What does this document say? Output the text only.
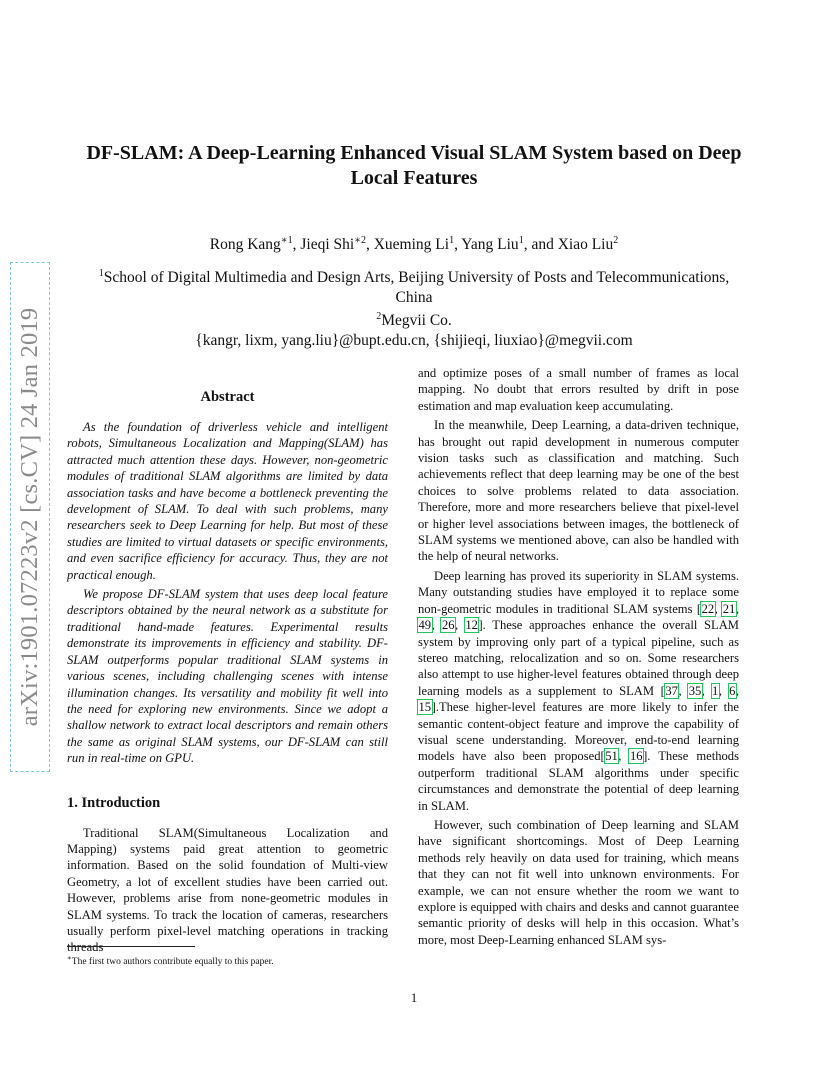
arXiv:1901.07223v2 [cs.CV] 24 Jan 2019
DF-SLAM: A Deep-Learning Enhanced Visual SLAM System based on Deep
Local Features
Rong Kang$^{∗1}$, Jieqi Shi$^{∗2}$, Xueming Li$^1$, Yang Liu$^1$, and Xiao Liu$^2$
$^1$School of Digital Multimedia and Design Arts, Beijing University of Posts and Telecommunications,
China
$^2$Megvii Co.
{kangr, lixm, yang.liu}@bupt.edu.cn, {shijieqi, liuxiao}@megvii.com
Abstract

As the foundation of driverless vehicle and intelligent robots, Simultaneous Localization and Mapping(SLAM) has attracted much attention these days. However, non-geometric modules of traditional SLAM algorithms are limited by data association tasks and have become a bottleneck preventing the development of SLAM. To deal with such problems, many researchers seek to Deep Learning for help. But most of these studies are limited to virtual datasets or specific environments, and even sacrifice efficiency for accuracy. Thus, they are not practical enough.

We propose DF-SLAM system that uses deep local feature descriptors obtained by the neural network as a substitute for traditional hand-made features. Experimental results demonstrate its improvements in efficiency and stability. DF-SLAM outperforms popular traditional SLAM systems in various scenes, including challenging scenes with intense illumination changes. Its versatility and mobility fit well into the need for exploring new environments. Since we adopt a shallow network to extract local descriptors and remain others the same as original SLAM systems, our DF-SLAM can still run in real-time on GPU.

1. Introduction

Traditional SLAM(Simultaneous Localization and Mapping) systems paid great attention to geometric information. Based on the solid foundation of Multi-view Geometry, a lot of excellent studies have been carried out. However, problems arise from none-geometric modules in SLAM systems. To track the location of cameras, researchers usually perform pixel-level matching operations in tracking threads

and optimize poses of a small number of frames as local mapping. No doubt that errors resulted by drift in pose estimation and map evaluation keep accumulating.

In the meanwhile, Deep Learning, a data-driven technique, has brought out rapid development in numerous computer vision tasks such as classification and matching. Such achievements reflect that deep learning may be one of the best choices to solve problems related to data association. Therefore, more and more researchers believe that pixel-level or higher level associations between images, the bottleneck of SLAM systems we mentioned above, can also be handled with the help of neural networks.

Deep learning has proved its superiority in SLAM systems. Many outstanding studies have employed it to replace some non-geometric modules in traditional SLAM systems [22, 21, 49, 26, 12]. These approaches enhance the overall SLAM system by improving only part of a typical pipeline, such as stereo matching, relocalization and so on. Some researchers also attempt to use higher-level features obtained through deep learning models as a supplement to SLAM [37, 35, 1, 6, 15].These higher-level features are more likely to infer the semantic content-object feature and improve the capability of visual scene understanding. Moreover, end-to-end learning models have also been proposed[51, 16]. These methods outperform traditional SLAM algorithms under specific circumstances and demonstrate the potential of deep learning in SLAM.

However, such combination of Deep learning and SLAM have significant shortcomings. Most of Deep Learning methods rely heavily on data used for training, which means that they can not fit well into unknown environments. For example, we can not ensure whether the room we want to explore is equipped with chairs and desks and cannot guarantee semantic priority of desks will help in this occasion. What’s more, most Deep-Learning enhanced SLAM sys-

∗The first two authors contribute equally to this paper.
1
